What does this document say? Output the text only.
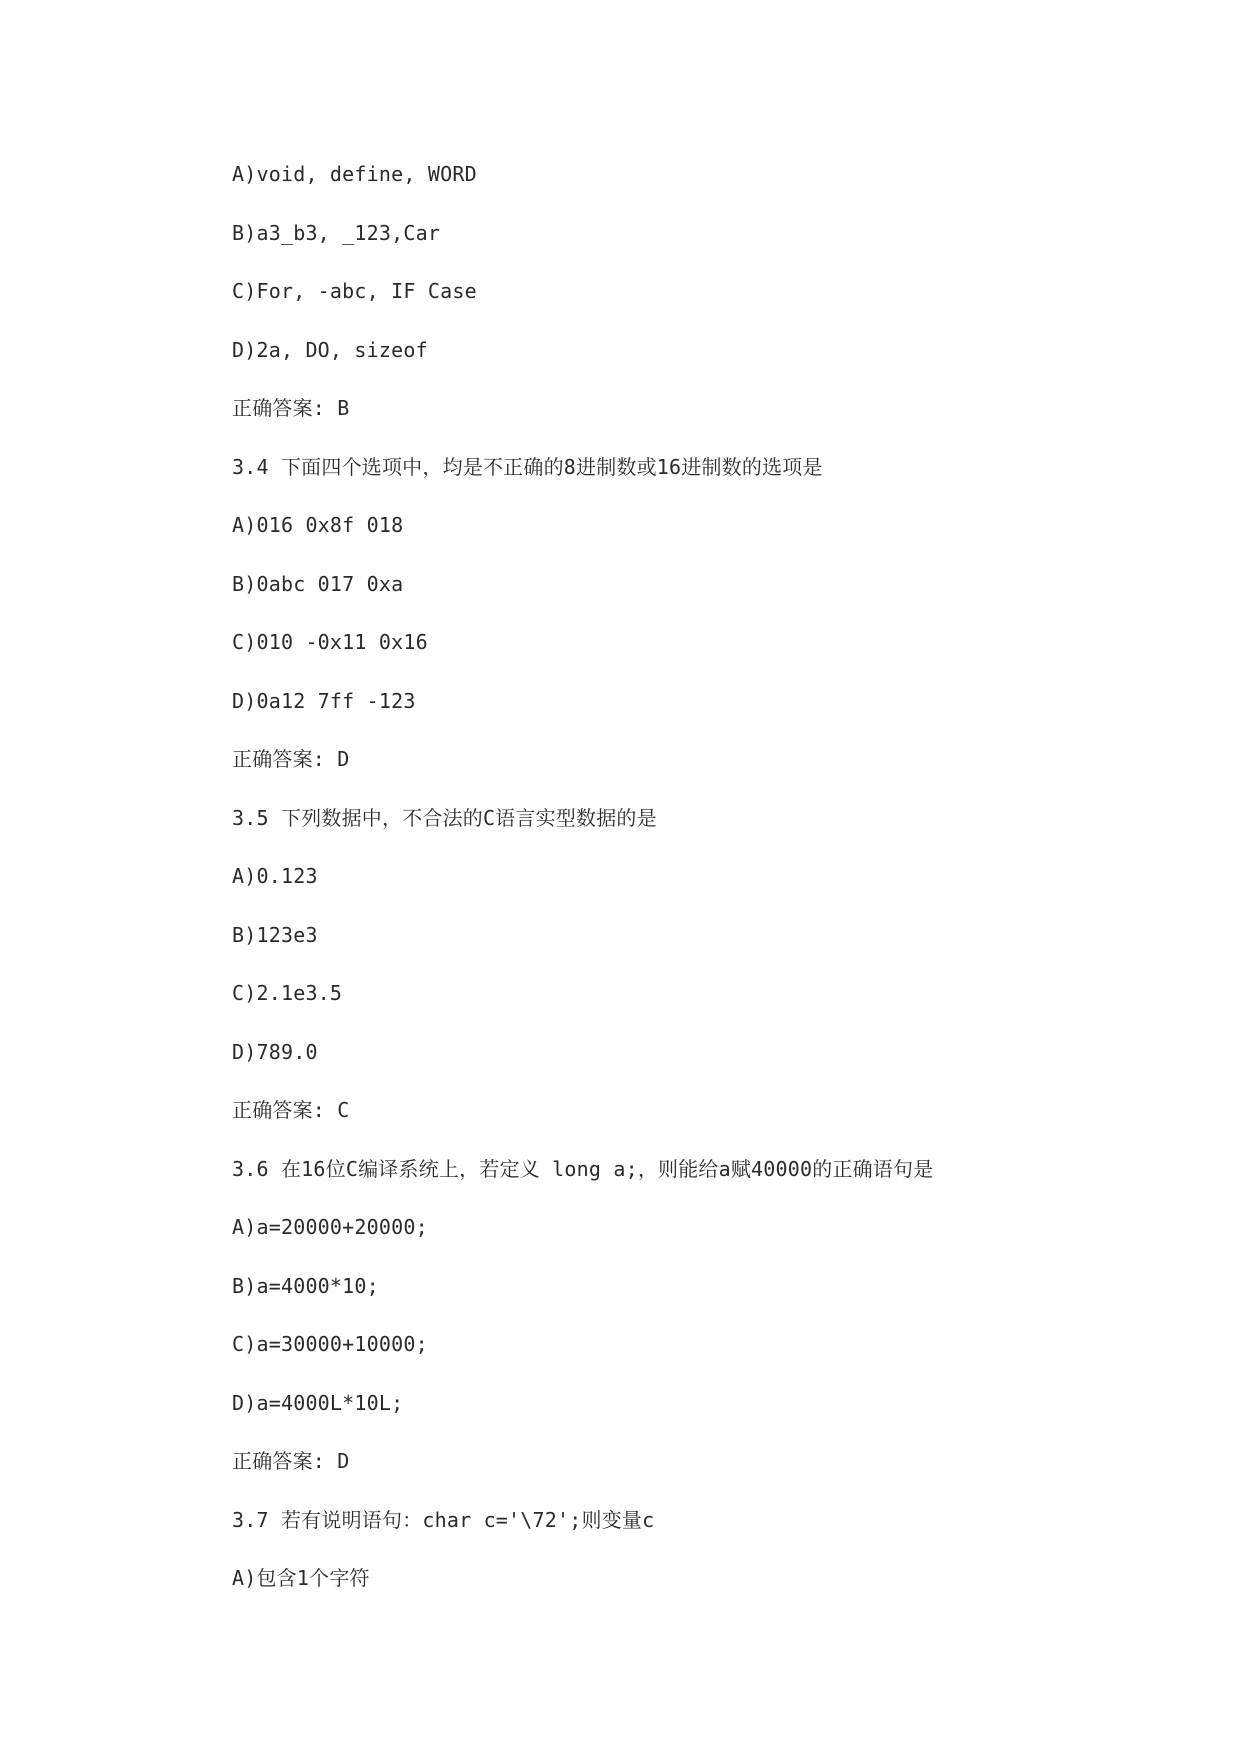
A)void, define, WORD
B)a3_b3, _123,Car
C)For, -abc, IF Case
D)2a, DO, sizeof
正确答案: B
3.4 下面四个选项中，均是不正确的8进制数或16进制数的选项是
A)016 0x8f 018
B)0abc 017 0xa
C)010 -0x11 0x16
D)0a12 7ff -123
正确答案: D
3.5 下列数据中，不合法的C语言实型数据的是
A)0.123
B)123e3
C)2.1e3.5
D)789.0
正确答案: C
3.6 在16位C编译系统上，若定义 long a;，则能给a赋40000的正确语句是
A)a=20000+20000;
B)a=4000*10;
C)a=30000+10000;
D)a=4000L*10L;
正确答案: D
3.7 若有说明语句：char c='\72';则变量c
A)包含1个字符
